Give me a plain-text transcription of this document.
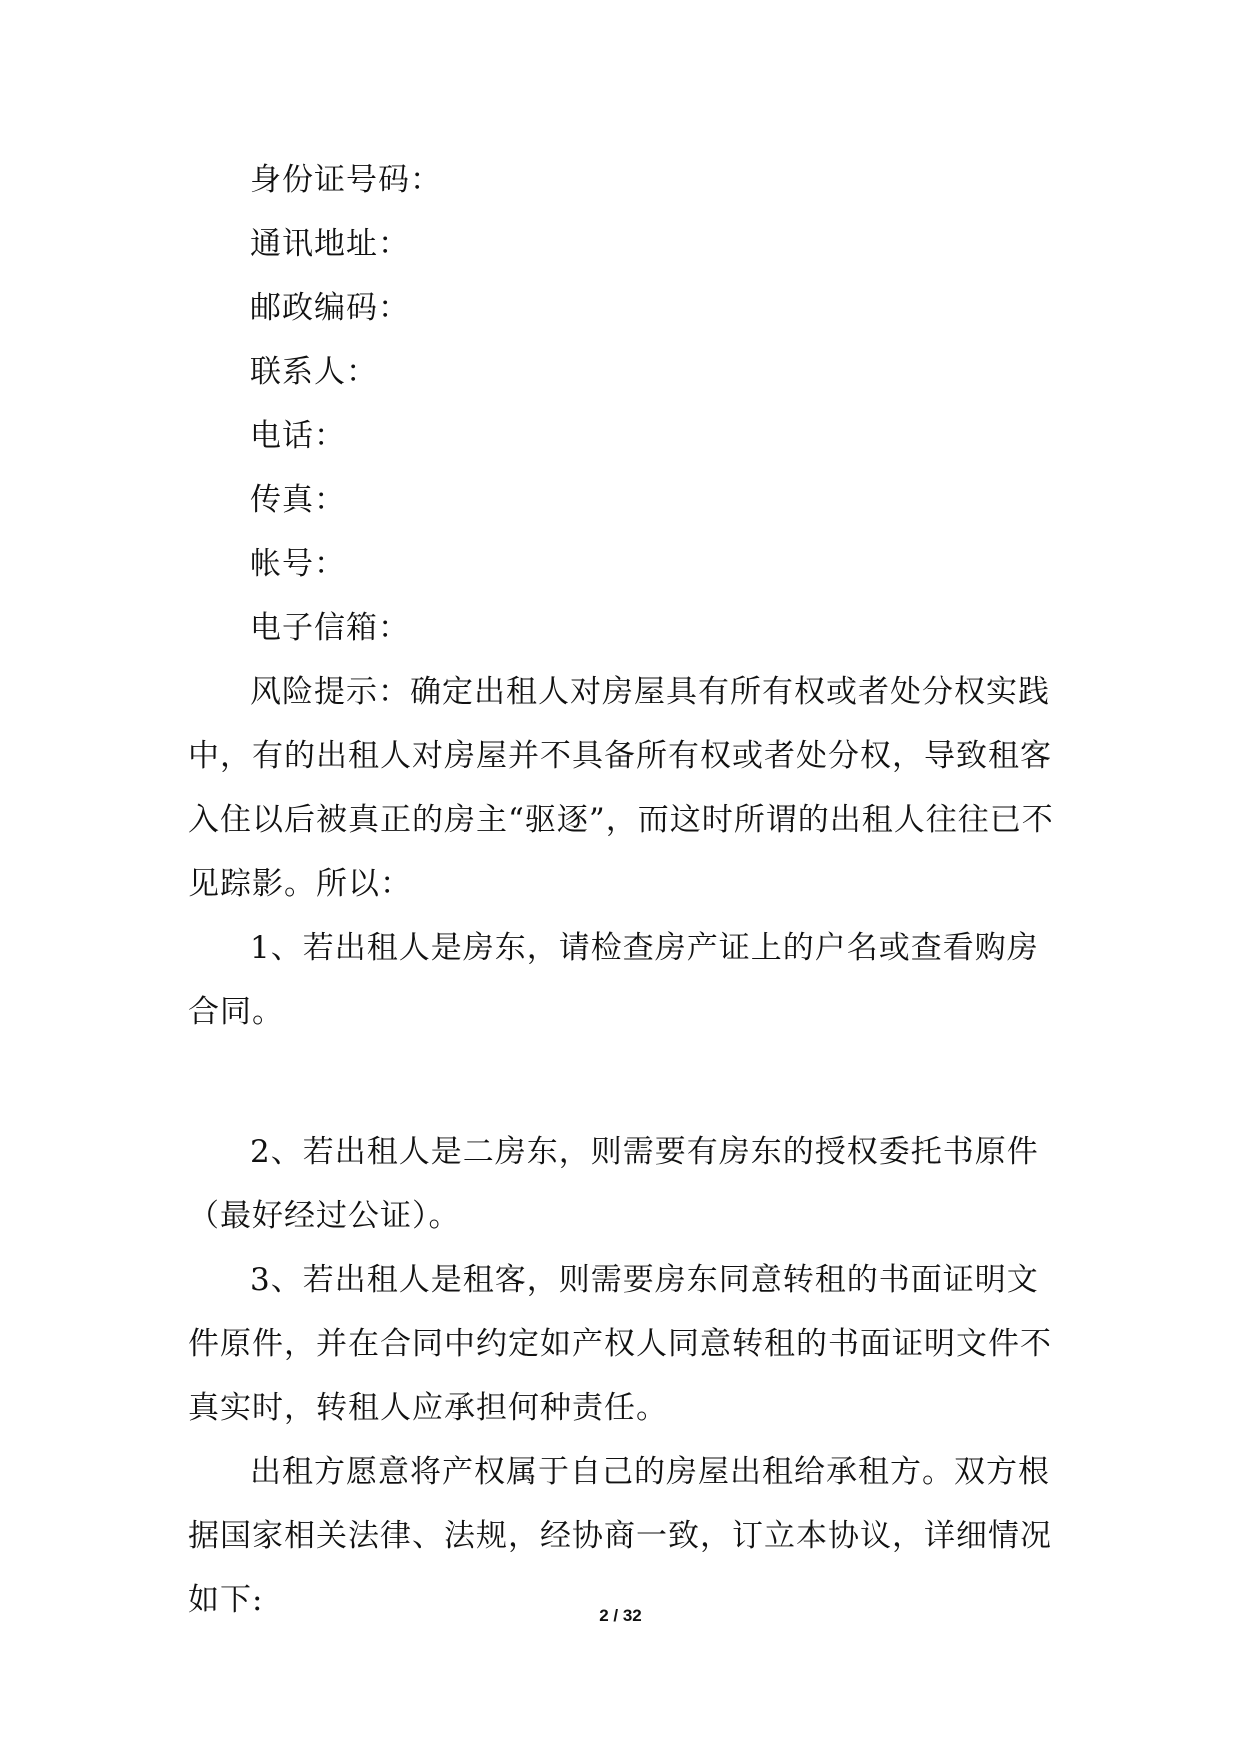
身份证号码：

通讯地址：

邮政编码：

联系人：

电话：

传真：

帐号：

电子信箱：

风险提示：确定出租人对房屋具有所有权或者处分权实践中，有的出租人对房屋并不具备所有权或者处分权，导致租客入住以后被真正的房主“驱逐”，而这时所谓的出租人往往已不见踪影。所以：

1、若出租人是房东，请检查房产证上的户名或查看购房合同。

2、若出租人是二房东，则需要有房东的授权委托书原件（最好经过公证）。

3、若出租人是租客，则需要房东同意转租的书面证明文件原件，并在合同中约定如产权人同意转租的书面证明文件不真实时，转租人应承担何种责任。

出租方愿意将产权属于自己的房屋出租给承租方。双方根据国家相关法律、法规，经协商一致，订立本协议，详细情况如下:	2 / 32
